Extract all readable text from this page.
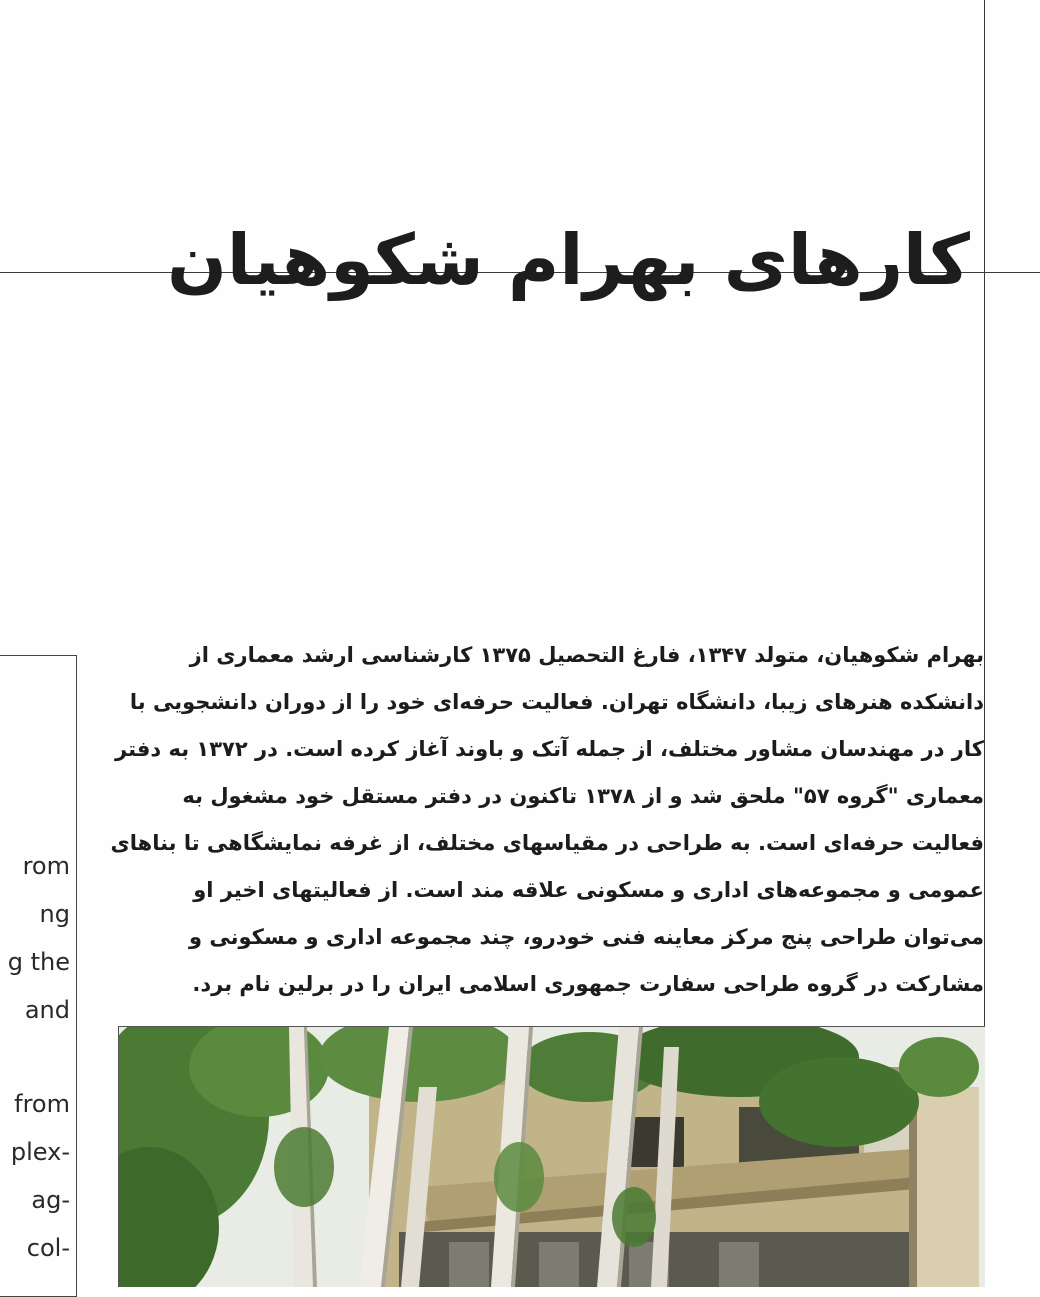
کارهای بهرام شکوهیان
rom
ng
g the
and
from
plex-
ag-
col-
بهرام شکوهیان، متولد ۱۳۴۷، فارغ التحصیل ۱۳۷۵ کارشناسی ارشد معماری از
دانشکده هنرهای زیبا، دانشگاه تهران. فعالیت حرفه‌ای خود را از دوران دانشجویی با
کار در مهندسان مشاور مختلف، از جمله آتک و باوند آغاز کرده است. در ۱۳۷۲ به دفتر
معماری "گروه ۵۷" ملحق شد و از ۱۳۷۸ تاکنون در دفتر مستقل خود مشغول به
فعالیت حرفه‌ای است. به طراحی در مقیاسهای مختلف، از غرفه نمایشگاهی تا بناهای
عمومی و مجموعه‌های اداری و مسکونی علاقه مند است. از فعالیتهای اخیر او
می‌توان طراحی پنج مرکز معاینه فنی خودرو، چند مجموعه اداری و مسکونی و
مشارکت در گروه طراحی سفارت جمهوری اسلامی ایران را در برلین نام برد.
